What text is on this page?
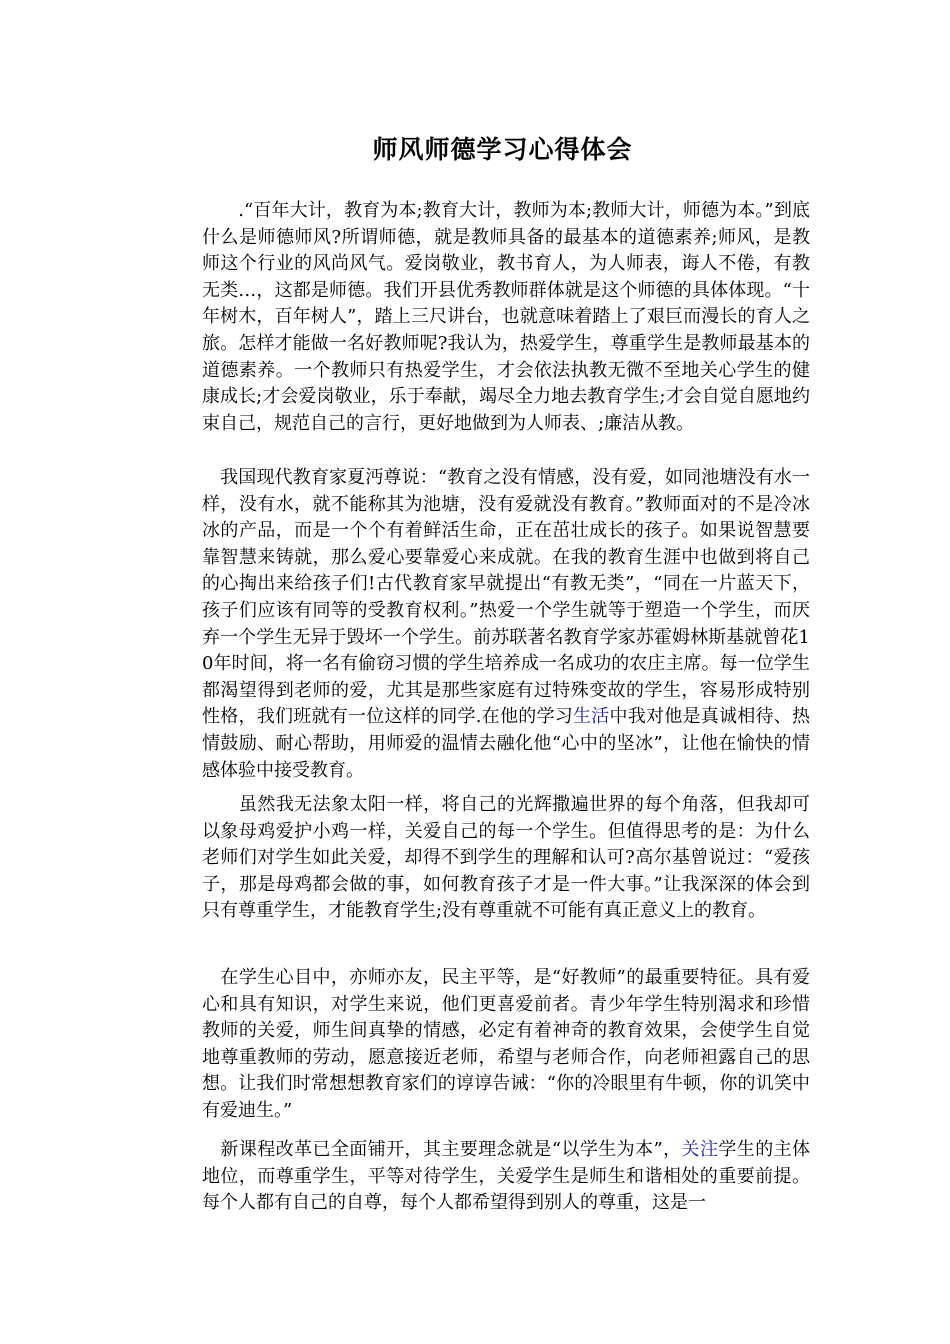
师风师德学习心得体会

　　.“百年大计，教育为本;教育大计，教师为本;教师大计，师德为本。”到底什么是师德师风?所谓师德，就是教师具备的最基本的道德素养;师风，是教师这个行业的风尚风气。爱岗敬业，教书育人，为人师表，诲人不倦，有教无类…，这都是师德。我们开县优秀教师群体就是这个师德的具体体现。“十年树木，百年树人”，踏上三尺讲台，也就意味着踏上了艰巨而漫长的育人之旅。怎样才能做一名好教师呢?我认为，热爱学生，尊重学生是教师最基本的道德素养。一个教师只有热爱学生，才会依法执教无微不至地关心学生的健康成长;才会爱岗敬业，乐于奉献，竭尽全力地去教育学生;才会自觉自愿地约束自己，规范自己的言行，更好地做到为人师表、;廉洁从教。

　我国现代教育家夏沔尊说：“教育之没有情感，没有爱，如同池塘没有水一样，没有水，就不能称其为池塘，没有爱就没有教育。”教师面对的不是冷冰冰的产品，而是一个个有着鲜活生命，正在茁壮成长的孩子。如果说智慧要靠智慧来铸就，那么爱心要靠爱心来成就。在我的教育生涯中也做到将自己的心掏出来给孩子们!古代教育家早就提出“有教无类”，“同在一片蓝天下，孩子们应该有同等的受教育权利。”热爱一个学生就等于塑造一个学生，而厌弃一个学生无异于毁坏一个学生。前苏联著名教育学家苏霍姆林斯基就曾花10年时间，将一名有偷窃习惯的学生培养成一名成功的农庄主席。每一位学生都渴望得到老师的爱，尤其是那些家庭有过特殊变故的学生，容易形成特别性格，我们班就有一位这样的同学.在他的学习生活中我对他是真诚相待、热情鼓励、耐心帮助，用师爱的温情去融化他“心中的坚冰”，让他在愉快的情感体验中接受教育。

　　虽然我无法象太阳一样，将自己的光辉撒遍世界的每个角落，但我却可以象母鸡爱护小鸡一样，关爱自己的每一个学生。但值得思考的是：为什么老师们对学生如此关爱，却得不到学生的理解和认可?高尔基曾说过：“爱孩子，那是母鸡都会做的事，如何教育孩子才是一件大事。”让我深深的体会到只有尊重学生，才能教育学生;没有尊重就不可能有真正意义上的教育。

　在学生心目中，亦师亦友，民主平等，是“好教师”的最重要特征。具有爱心和具有知识，对学生来说，他们更喜爱前者。青少年学生特别渴求和珍惜教师的关爱，师生间真挚的情感，必定有着神奇的教育效果，会使学生自觉地尊重教师的劳动，愿意接近老师，希望与老师合作，向老师袒露自己的思想。让我们时常想想教育家们的谆谆告诫：“你的冷眼里有牛顿，你的讥笑中有爱迪生。”

　新课程改革已全面铺开，其主要理念就是“以学生为本”，关注学生的主体地位，而尊重学生，平等对待学生，关爱学生是师生和谐相处的重要前提。每个人都有自己的自尊，每个人都希望得到别人的尊重，这是一
